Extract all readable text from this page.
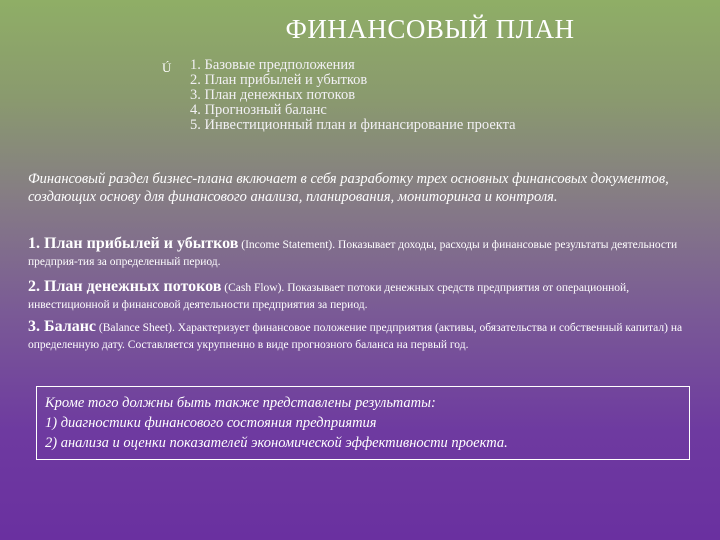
ФИНАНСОВЫЙ ПЛАН
Ú 1. Базовые предположения
2. План прибылей и убытков
3. План денежных потоков
4. Прогнозный баланс
5. Инвестиционный план и финансирование проекта
Финансовый раздел бизнес-плана включает в себя разработку трех основных финансовых документов, создающих основу для финансового анализа, планирования, мониторинга и контроля.
1. План прибылей и убытков (Income Statement). Показывает доходы, расходы и финансовые результаты деятельности предприя-тия за определенный период.
2. План денежных потоков (Cash Flow). Показывает потоки денежных средств предприятия от операционной, инвестиционной и финансовой деятельности предприятия за период.
3. Баланс (Balance Sheet). Характеризует финансовое положение предприятия (активы, обязательства и собственный капитал) на определенную дату. Составляется укрупненно в виде прогнозного баланса на первый год.
Кроме того должны быть также представлены результаты:
1) диагностики финансового состояния предприятия
2) анализа и оценки показателей экономической эффективности проекта.
